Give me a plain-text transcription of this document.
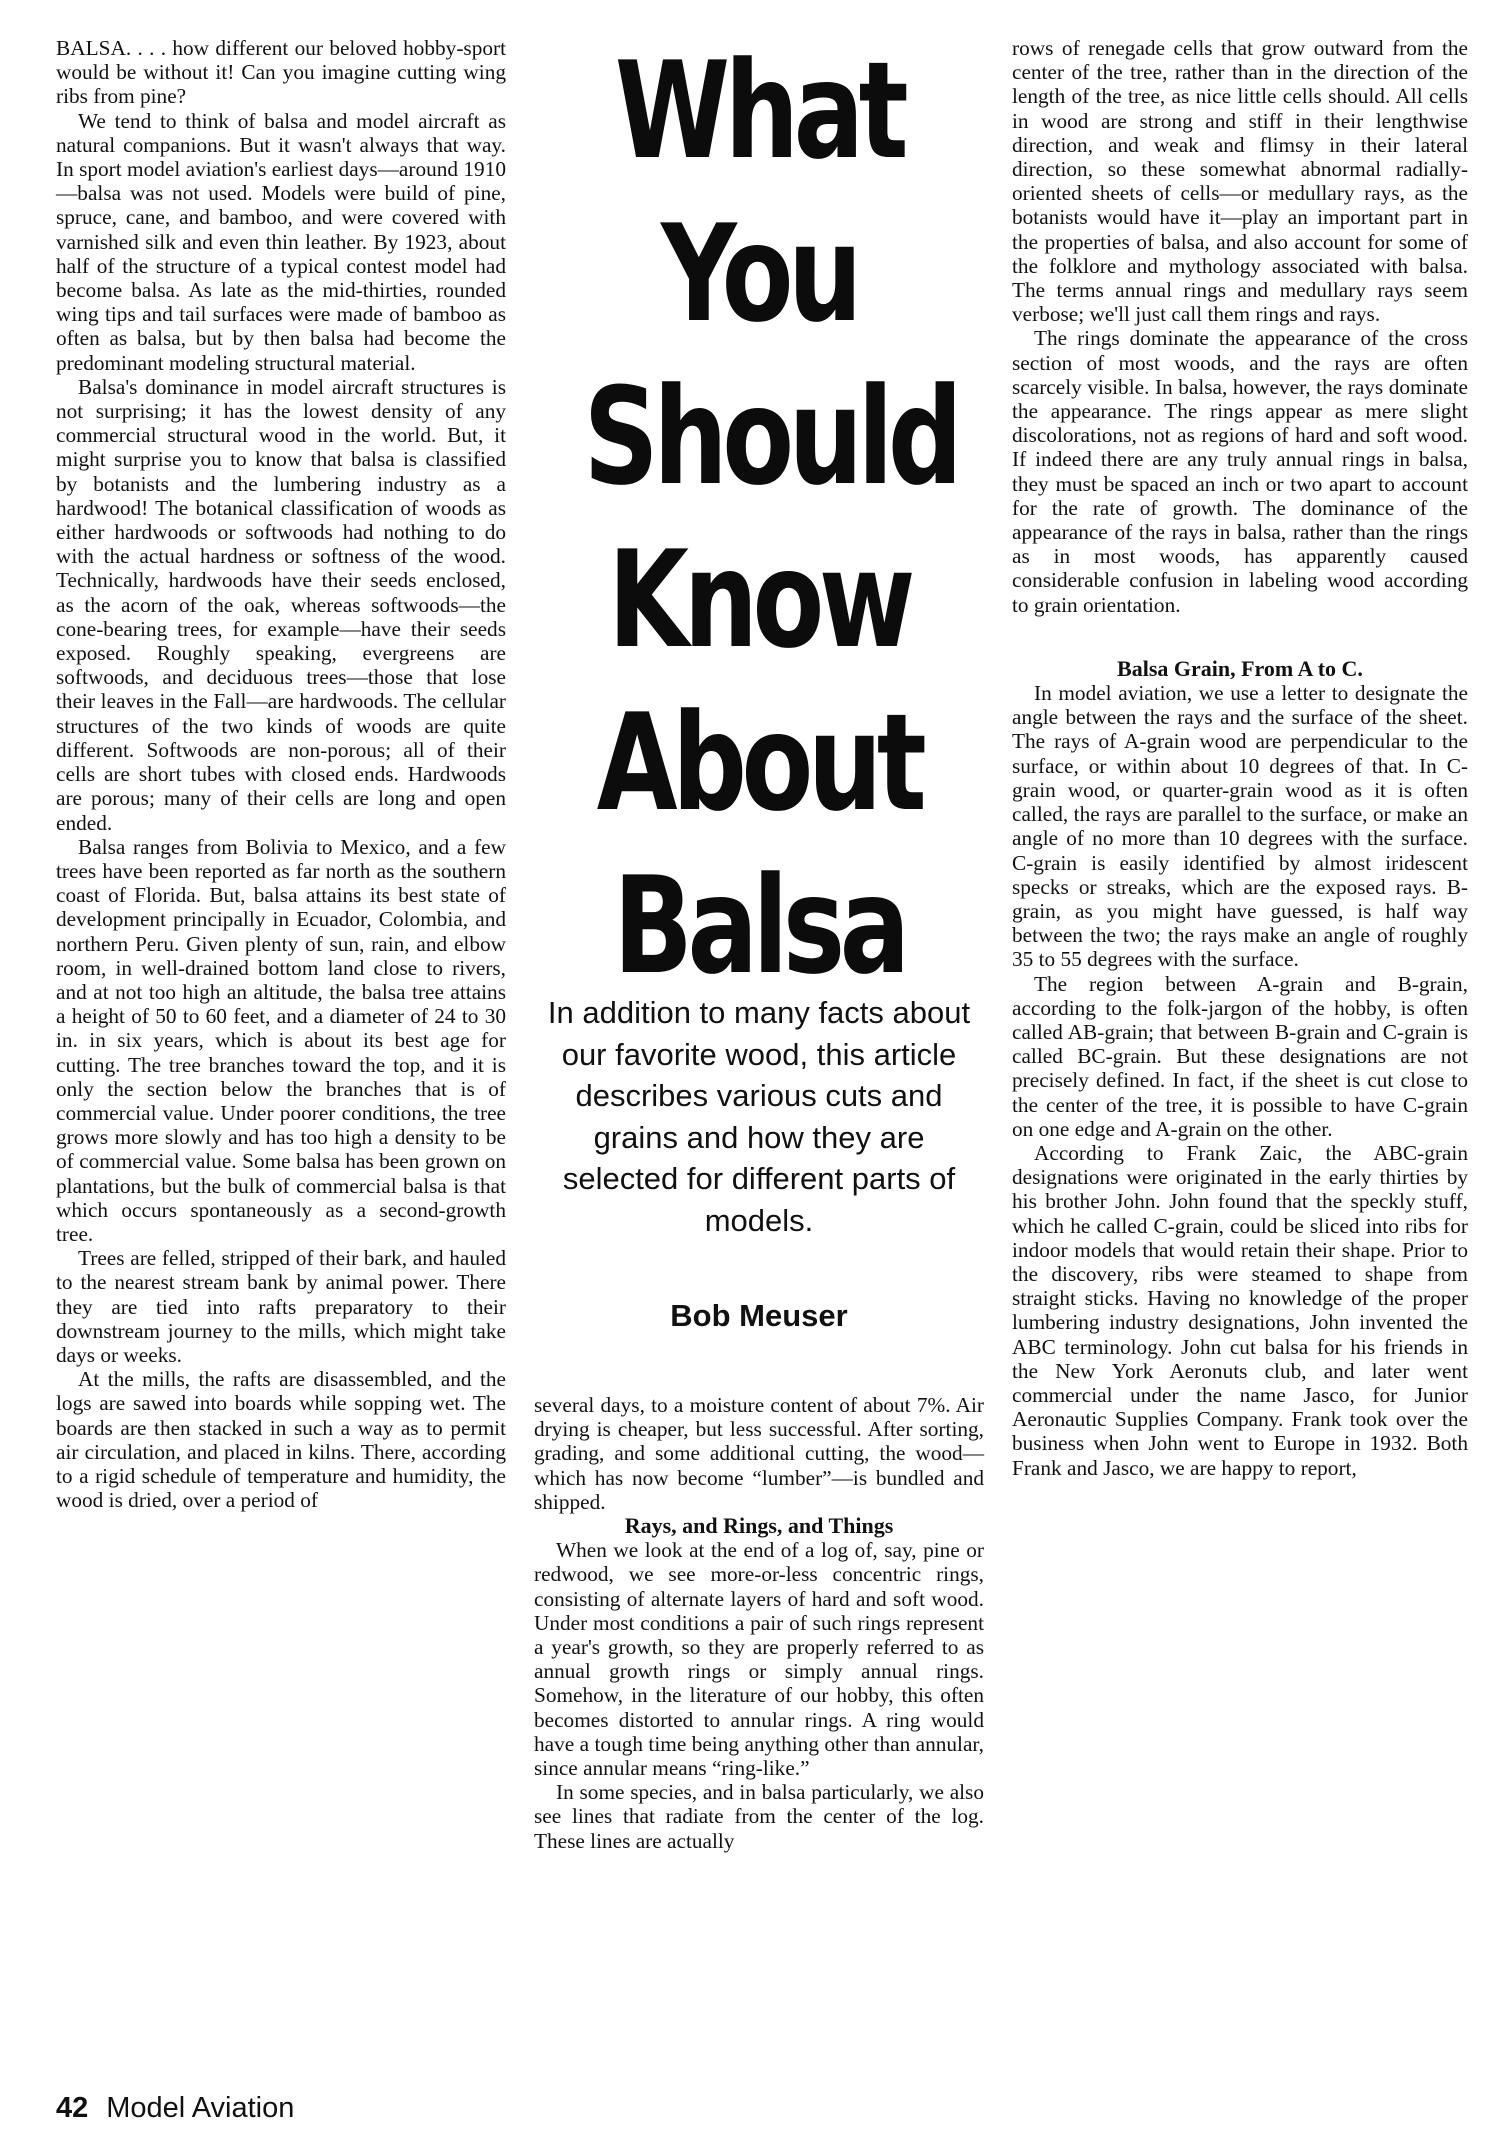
BALSA. . . . how different our beloved hobby-sport would be without it! Can you imagine cutting wing ribs from pine?

We tend to think of balsa and model aircraft as natural companions. But it wasn't always that way. In sport model aviation's earliest days—around 1910—balsa was not used. Models were build of pine, spruce, cane, and bamboo, and were covered with varnished silk and even thin leather. By 1923, about half of the structure of a typical contest model had become balsa. As late as the mid-thirties, rounded wing tips and tail surfaces were made of bamboo as often as balsa, but by then balsa had become the predominant modeling structural material.

Balsa's dominance in model aircraft structures is not surprising; it has the lowest density of any commercial structural wood in the world. But, it might surprise you to know that balsa is classified by botanists and the lumbering industry as a hardwood! The botanical classification of woods as either hardwoods or softwoods had nothing to do with the actual hardness or softness of the wood. Technically, hardwoods have their seeds enclosed, as the acorn of the oak, whereas softwoods—the cone-bearing trees, for example—have their seeds exposed. Roughly speaking, evergreens are softwoods, and deciduous trees—those that lose their leaves in the Fall—are hardwoods. The cellular structures of the two kinds of woods are quite different. Softwoods are non-porous; all of their cells are short tubes with closed ends. Hardwoods are porous; many of their cells are long and open ended.

Balsa ranges from Bolivia to Mexico, and a few trees have been reported as far north as the southern coast of Florida. But, balsa attains its best state of development principally in Ecuador, Colombia, and northern Peru. Given plenty of sun, rain, and elbow room, in well-drained bottom land close to rivers, and at not too high an altitude, the balsa tree attains a height of 50 to 60 feet, and a diameter of 24 to 30 in. in six years, which is about its best age for cutting. The tree branches toward the top, and it is only the section below the branches that is of commercial value. Under poorer conditions, the tree grows more slowly and has too high a density to be of commercial value. Some balsa has been grown on plantations, but the bulk of commercial balsa is that which occurs spontaneously as a second-growth tree.

Trees are felled, stripped of their bark, and hauled to the nearest stream bank by animal power. There they are tied into rafts preparatory to their downstream journey to the mills, which might take days or weeks.

At the mills, the rafts are disassembled, and the logs are sawed into boards while sopping wet. The boards are then stacked in such a way as to permit air circulation, and placed in kilns. There, according to a rigid schedule of temperature and humidity, the wood is dried, over a period of

What
You
Should
Know
About
Balsa
In addition to many facts about our favorite wood, this article describes various cuts and grains and how they are selected for different parts of models.
Bob Meuser

several days, to a moisture content of about 7%. Air drying is cheaper, but less successful. After sorting, grading, and some additional cutting, the wood—which has now become “lumber”—is bundled and shipped.

Rays, and Rings, and Things

When we look at the end of a log of, say, pine or redwood, we see more-or-less concentric rings, consisting of alternate layers of hard and soft wood. Under most conditions a pair of such rings represent a year's growth, so they are properly referred to as annual growth rings or simply annual rings. Somehow, in the literature of our hobby, this often becomes distorted to annular rings. A ring would have a tough time being anything other than annular, since annular means “ring-like.”

In some species, and in balsa particularly, we also see lines that radiate from the center of the log. These lines are actually

rows of renegade cells that grow outward from the center of the tree, rather than in the direction of the length of the tree, as nice little cells should. All cells in wood are strong and stiff in their lengthwise direction, and weak and flimsy in their lateral direction, so these somewhat abnormal radially-oriented sheets of cells—or medullary rays, as the botanists would have it—play an important part in the properties of balsa, and also account for some of the folklore and mythology associated with balsa. The terms annual rings and medullary rays seem verbose; we'll just call them rings and rays.

The rings dominate the appearance of the cross section of most woods, and the rays are often scarcely visible. In balsa, however, the rays dominate the appearance. The rings appear as mere slight discolorations, not as regions of hard and soft wood. If indeed there are any truly annual rings in balsa, they must be spaced an inch or two apart to account for the rate of growth. The dominance of the appearance of the rays in balsa, rather than the rings as in most woods, has apparently caused considerable confusion in labeling wood according to grain orientation.

Balsa Grain, From A to C.

In model aviation, we use a letter to designate the angle between the rays and the surface of the sheet. The rays of A-grain wood are perpendicular to the surface, or within about 10 degrees of that. In C-grain wood, or quarter-grain wood as it is often called, the rays are parallel to the surface, or make an angle of no more than 10 degrees with the surface. C-grain is easily identified by almost iridescent specks or streaks, which are the exposed rays. B-grain, as you might have guessed, is half way between the two; the rays make an angle of roughly 35 to 55 degrees with the surface.

The region between A-grain and B-grain, according to the folk-jargon of the hobby, is often called AB-grain; that between B-grain and C-grain is called BC-grain. But these designations are not precisely defined. In fact, if the sheet is cut close to the center of the tree, it is possible to have C-grain on one edge and A-grain on the other.

According to Frank Zaic, the ABC-grain designations were originated in the early thirties by his brother John. John found that the speckly stuff, which he called C-grain, could be sliced into ribs for indoor models that would retain their shape. Prior to the discovery, ribs were steamed to shape from straight sticks. Having no knowledge of the proper lumbering industry designations, John invented the ABC terminology. John cut balsa for his friends in the New York Aeronuts club, and later went commercial under the name Jasco, for Junior Aeronautic Supplies Company. Frank took over the business when John went to Europe in 1932. Both Frank and Jasco, we are happy to report,

42 Model Aviation
